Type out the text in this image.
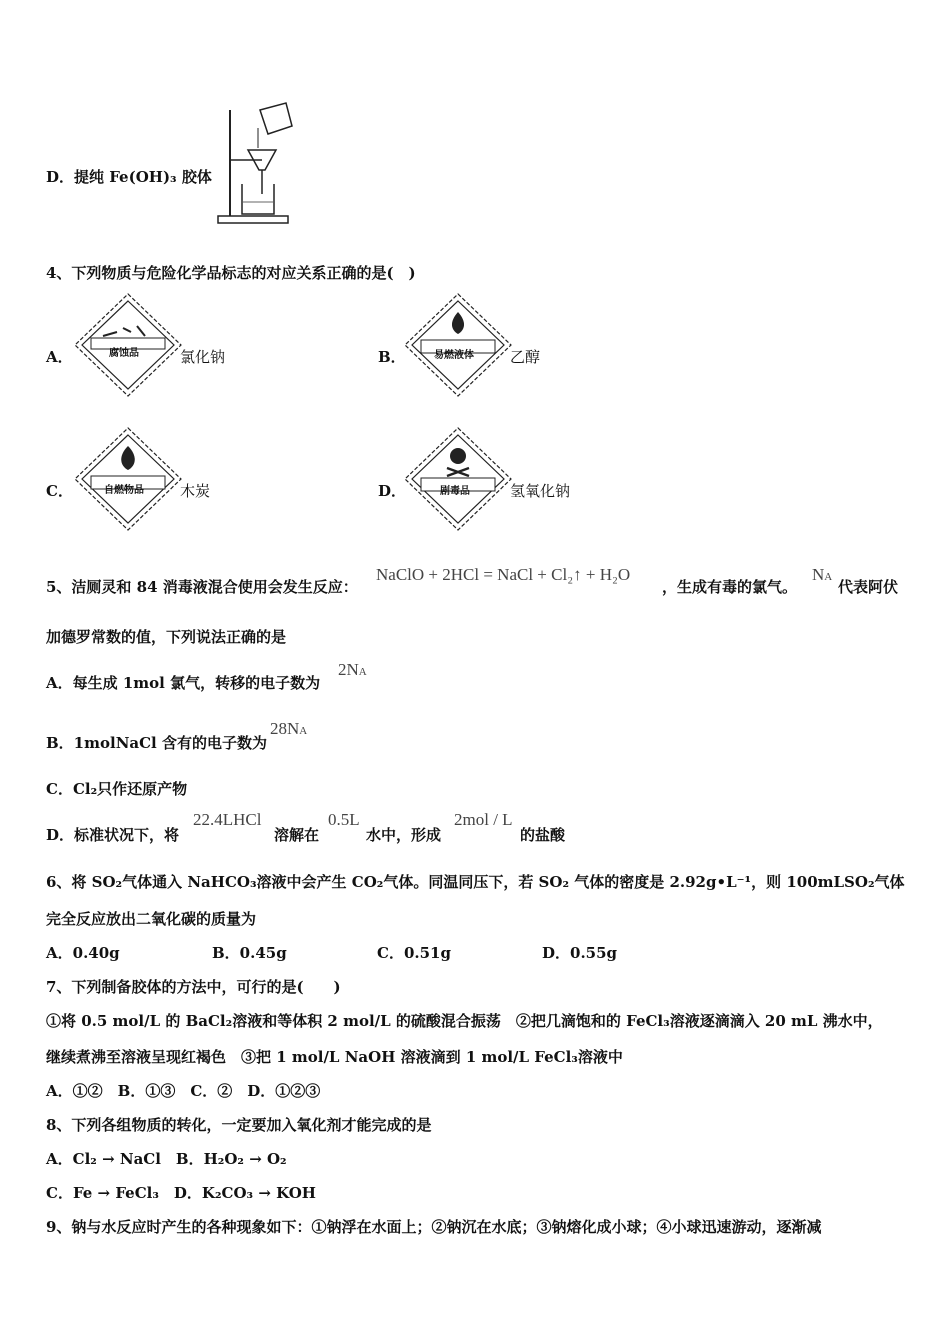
D．提纯 Fe(OH)₃ 胶体
4、下列物质与危险化学品标志的对应关系正确的是(　)
A．	腐蚀品	氯化钠	B．	易燃液体 乙醇
C．	自燃物品 木炭	D．	剧毒品	氢氧化钠
5、洁厕灵和 84 消毒液混合使用会发生反应：
NaClO + 2HCl = NaCl + Cl₂↑ + H₂O
，生成有毒的氯气。
NA
代表阿伏
加德罗常数的值，下列说法正确的是
A．每生成 1mol 氯气，转移的电子数为
2NA
B．1molNaCl 含有的电子数为
28NA
C．Cl₂只作还原产物
D．标准状况下，将
22.4LHCl
溶解在
0.5L
水中，形成
2mol / L
的盐酸
6、将 SO₂气体通入 NaHCO₃溶液中会产生 CO₂气体。同温同压下，若 SO₂ 气体的密度是 2.92g•L⁻¹，则 100mLSO₂气体
完全反应放出二氧化碳的质量为
A．0.40g	B．0.45g	C．0.51g	D．0.55g
7、下列制备胶体的方法中，可行的是(　　)
①将 0.5 mol/L 的 BaCl₂溶液和等体积 2 mol/L 的硫酸混合振荡　②把几滴饱和的 FeCl₃溶液逐滴滴入 20 mL 沸水中，
继续煮沸至溶液呈现红褐色　③把 1 mol/L NaOH 溶液滴到 1 mol/L FeCl₃溶液中
A．①②　B．①③　C．②　D．①②③
8、下列各组物质的转化，一定要加入氧化剂才能完成的是
A．Cl₂ → NaCl　B．H₂O₂ → O₂
C．Fe → FeCl₃　D．K₂CO₃ → KOH
9、钠与水反应时产生的各种现象如下：①钠浮在水面上；②钠沉在水底；③钠熔化成小球；④小球迅速游动，逐渐减
